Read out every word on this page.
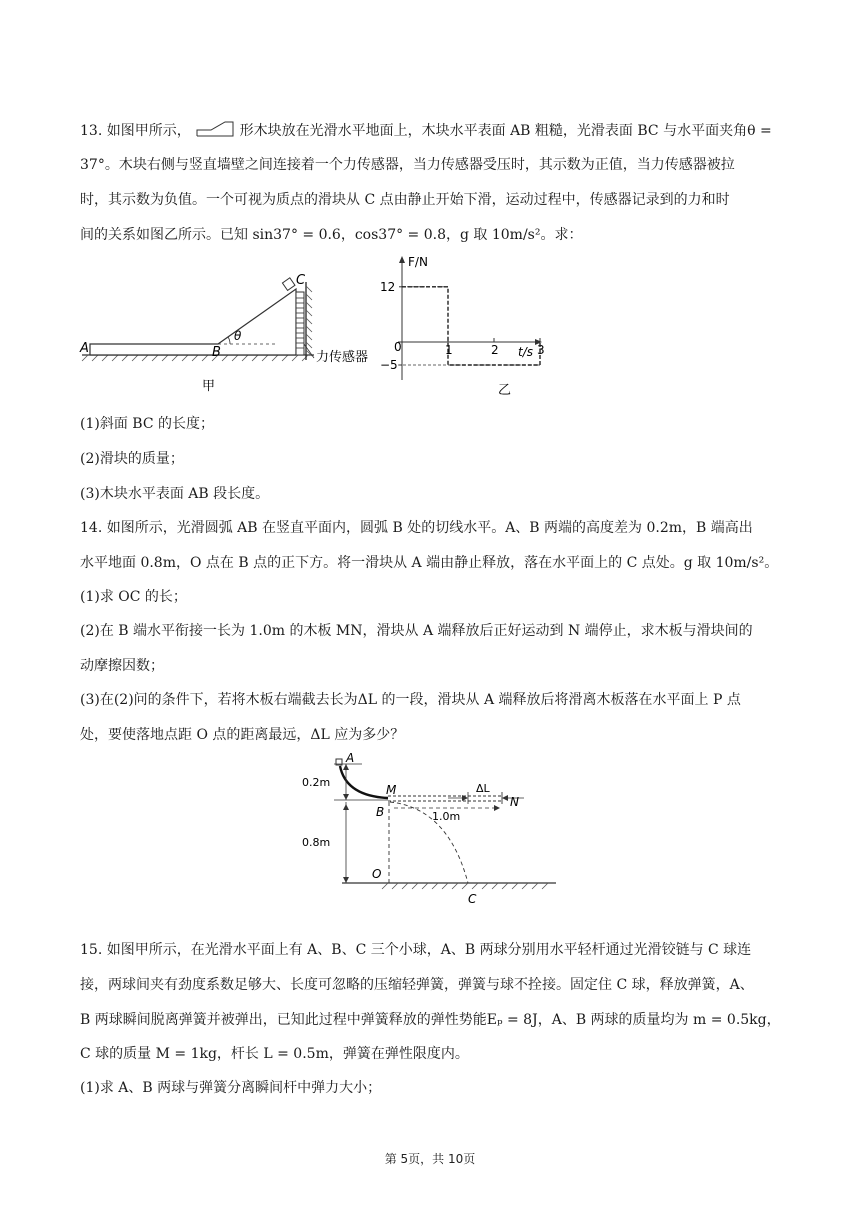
13. 如图甲所示，	形木块放在光滑水平地面上，木块水平表面 AB 粗糙，光滑表面 BC 与水平面夹角θ =
37°。木块右侧与竖直墙壁之间连接着一个力传感器，当力传感器受压时，其示数为正值，当力传感器被拉
时，其示数为负值。一个可视为质点的滑块从 C 点由静止开始下滑，运动过程中，传感器记录到的力和时
间的关系如图乙所示。已知 sin37° = 0.6，cos37° = 0.8，g 取 10m/s²。求：
A	B
C
θ
力传感器
甲
12
−5
1	2	3
F/N
t/s
0
乙
(1)斜面 BC 的长度；
(2)滑块的质量；
(3)木块水平表面 AB 段长度。
14. 如图所示，光滑圆弧 AB 在竖直平面内，圆弧 B 处的切线水平。A、B 两端的高度差为 0.2m，B 端高出
水平地面 0.8m，O 点在 B 点的正下方。将一滑块从 A 端由静止释放，落在水平面上的 C 点处。g 取 10m/s²。
(1)求 OC 的长；
(2)在 B 端水平衔接一长为 1.0m 的木板 MN，滑块从 A 端释放后正好运动到 N 端停止，求木板与滑块间的
动摩擦因数；
(3)在(2)问的条件下，若将木板右端截去长为ΔL 的一段，滑块从 A 端释放后将滑离木板落在水平面上 P 点
处，要使落地点距 O 点的距离最远，ΔL 应为多少？
A
B
M
N
O
C
0.2m
0.8m
1.0m
ΔL
15. 如图甲所示，在光滑水平面上有 A、B、C 三个小球，A、B 两球分别用水平轻杆通过光滑铰链与 C 球连
接，两球间夹有劲度系数足够大、长度可忽略的压缩轻弹簧，弹簧与球不拴接。固定住 C 球，释放弹簧，A、
B 两球瞬间脱离弹簧并被弹出，已知此过程中弹簧释放的弹性势能Eₚ = 8J，A、B 两球的质量均为 m = 0.5kg，
C 球的质量 M = 1kg，杆长 L = 0.5m，弹簧在弹性限度内。
(1)求 A、B 两球与弹簧分离瞬间杆中弹力大小；
第 5页，共 10页
